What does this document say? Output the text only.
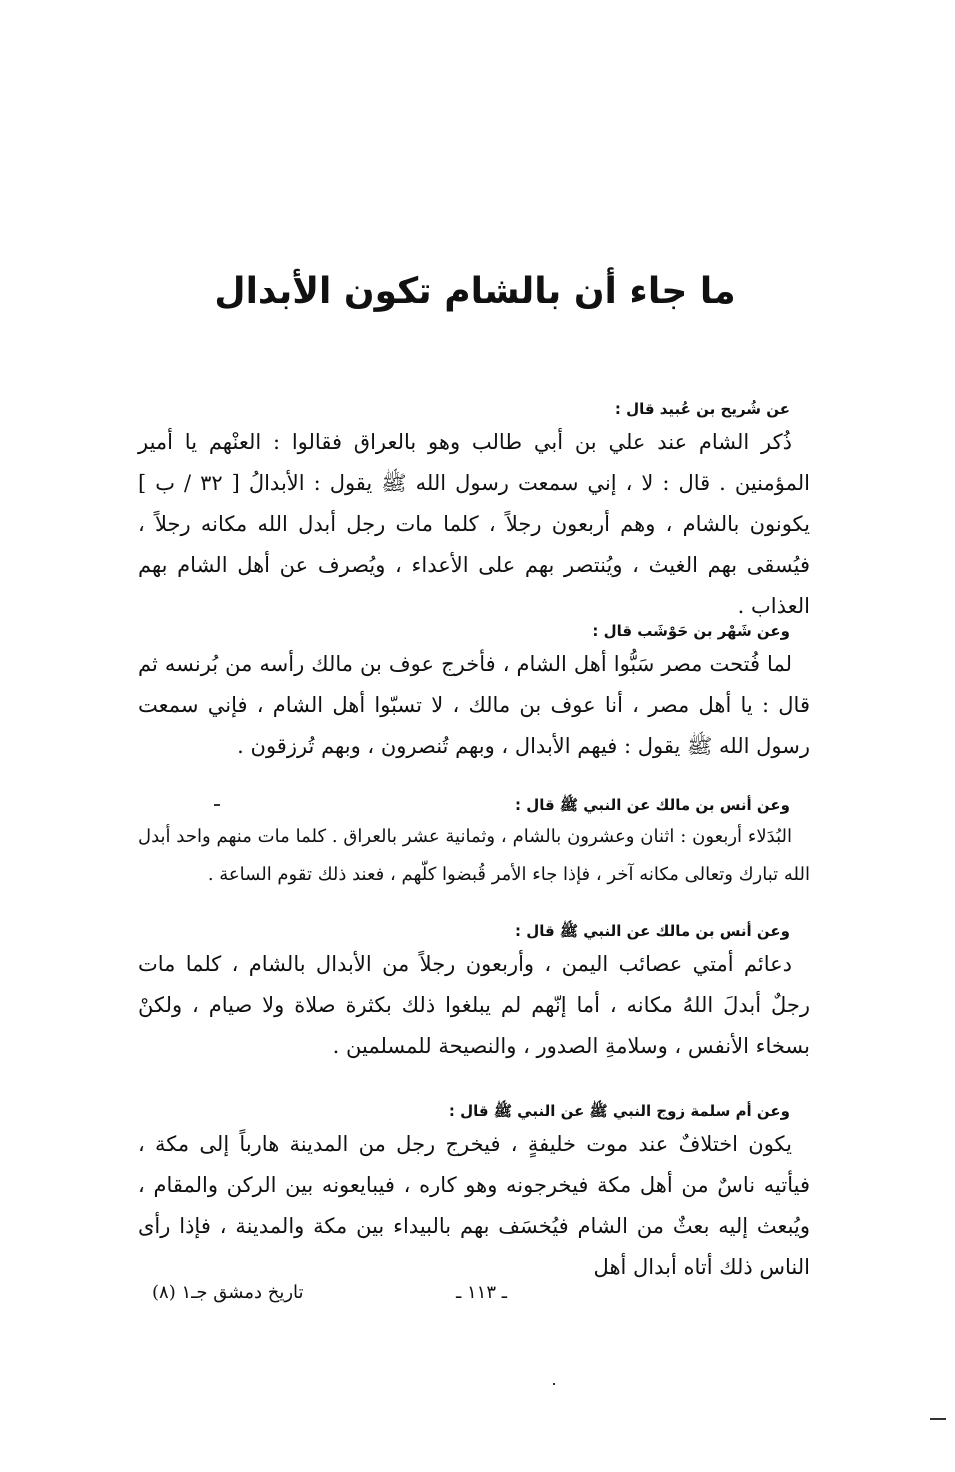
ما جاء أن بالشام تكون الأبدال

عن شُريح بن عُبيد قال :

ذُكر الشام عند علي بن أبي طالب وهو بالعراق فقالوا : العنْهم يا أمير المؤمنين . قال : لا ، إني سمعت رسول الله ﷺ يقول : الأبدالُ [ ٣٢ / ب ] يكونون بالشام ، وهم أربعون رجلاً ، كلما مات رجل أبدل الله مكانه رجلاً ، فيُسقى بهم الغيث ، ويُنتصر بهم على الأعداء ، ويُصرف عن أهل الشام بهم العذاب .

وعن شَهْر بن حَوْشَب قال :

لما فُتحت مصر سَبُّوا أهل الشام ، فأخرج عوف بن مالك رأسه من بُرنسه ثم قال : يا أهل مصر ، أنا عوف بن مالك ، لا تسبّوا أهل الشام ، فإني سمعت رسول الله ﷺ يقول : فيهم الأبدال ، وبهم تُنصرون ، وبهم تُرزقون .

وعن أنس بن مالك عن النبي ﷺ قال :

البُدَلاء أربعون : اثنان وعشرون بالشام ، وثمانية عشر بالعراق . كلما مات منهم واحد أبدل الله تبارك وتعالى مكانه آخر ، فإذا جاء الأمر قُبضوا كلّهم ، فعند ذلك تقوم الساعة .

وعن أنس بن مالك عن النبي ﷺ قال :

دعائم أمتي عصائب اليمن ، وأربعون رجلاً من الأبدال بالشام ، كلما مات رجلٌ أبدلَ اللهُ مكانه ، أما إنّهم لم يبلغوا ذلك بكثرة صلاة ولا صيام ، ولكنْ بسخاء الأنفس ، وسلامةِ الصدور ، والنصيحة للمسلمين .

وعن أم سلمة زوج النبي ﷺ عن النبي ﷺ قال :

يكون اختلافٌ عند موت خليفةٍ ، فيخرج رجل من المدينة هارباً إلى مكة ، فيأتيه ناسٌ من أهل مكة فيخرجونه وهو كاره ، فيبايعونه بين الركن والمقام ، ويُبعث إليه بعثٌ من الشام فيُخسَف بهم بالبيداء بين مكة والمدينة ، فإذا رأى الناس ذلك أتاه أبدال أهل

تاريخ دمشق جـ١ (٨)	ـ ١١٣ ـ
